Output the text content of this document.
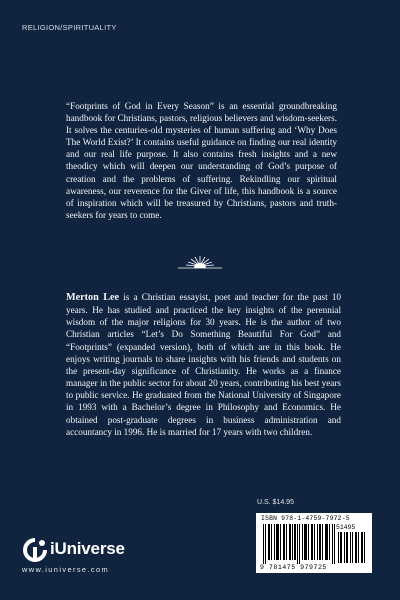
RELIGION/SPIRITUALITY
“Footprints of God in Every Season” is an essential groundbreaking handbook for Christians, pastors, religious believers and wisdom-seekers. It solves the centuries-old mysteries of human suffering and ‘Why Does The World Exist?’ It contains useful guidance on finding our real identity and our real life purpose. It also contains fresh insights and a new theodicy which will deepen our understanding of God’s purpose of creation and the problems of suffering. Rekindling our spiritual awareness, our reverence for the Giver of life, this handbook is a source of inspiration which will be treasured by Christians, pastors and truth-seekers for years to come.
Merton Lee is a Christian essayist, poet and teacher for the past 10 years. He has studied and practiced the key insights of the perennial wisdom of the major religions for 30 years. He is the author of two Christian articles “Let’s Do Something Beautiful For God” and “Footprints” (expanded version), both of which are in this book. He enjoys writing journals to share insights with his friends and students on the present-day significance of Christianity. He works as a finance manager in the public sector for about 20 years, contributing his best years to public service. He graduated from the National University of Singapore in 1993 with a Bachelor’s degree in Philosophy and Economics. He obtained post-graduate degrees in business administration and accountancy in 1996. He is married for 17 years with two children.
U.S. $14.95
ISBN 978-1-4759-7972-5
51495
9 781475 979725
iUniverse
www.iuniverse.com
